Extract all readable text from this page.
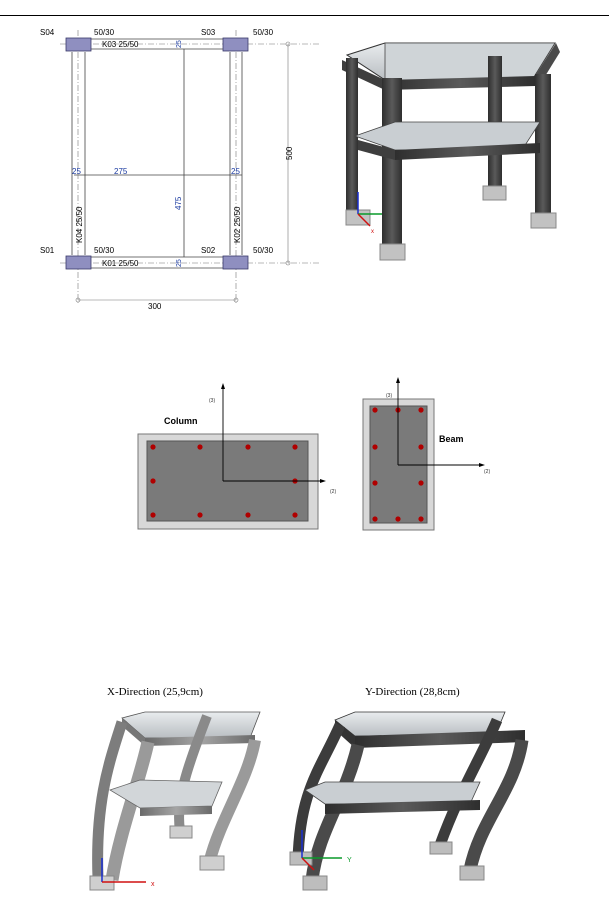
S04	S03
S01	S02
50/30	50/30
50/30	50/30
K03 25/50
K01 25/50
K04 25/50	K02 25/50
500
300
275
25	25
25
25
475
x
(3)
(2)
Column
(3)
(2)
Beam
x
Y
X-Direction (25,9cm)	Y-Direction (28,8cm)
